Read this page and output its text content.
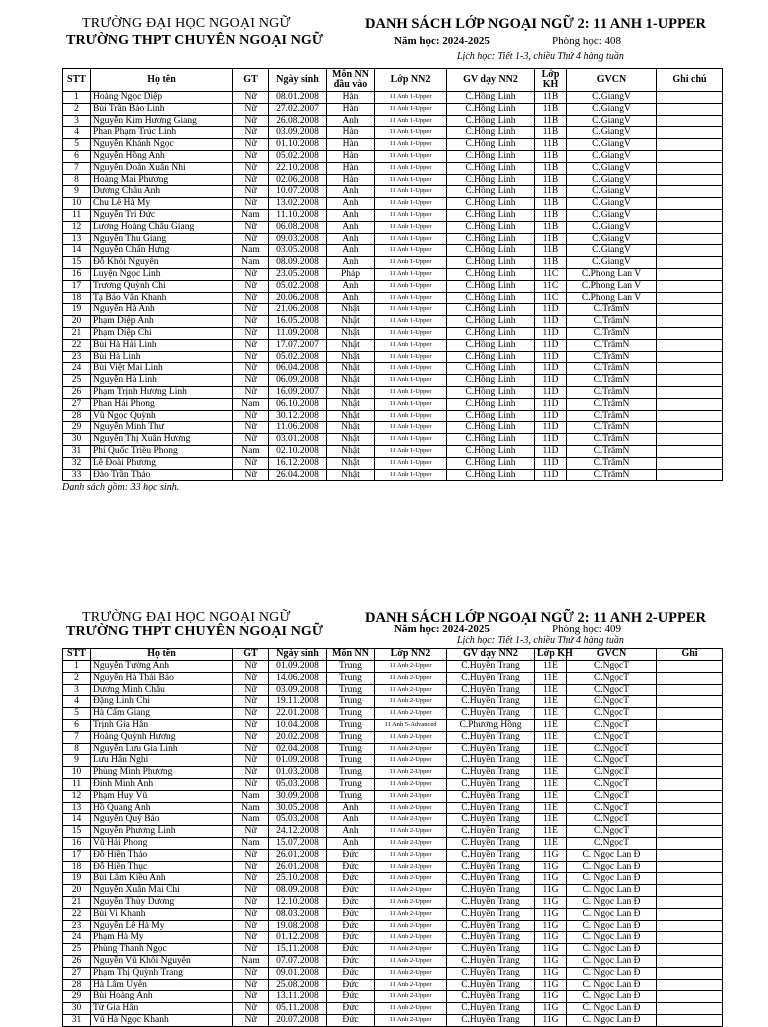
TRƯỜNG ĐẠI HỌC NGOẠI NGỮ
TRƯỜNG THPT CHUYÊN NGOẠI NGỮ
DANH SÁCH LỚP NGOẠI NGỮ 2: 11 ANH 1-UPPER
Năm học: 2024-2025	Phòng học: 408
Lịch học: Tiết 1-3, chiều Thứ 4 hàng tuần
STT	Họ tên	GT	Ngày sinh	Môn NN đầu vào	Lớp NN2	GV dạy NN2	Lớp KH	GVCN	Ghi chú
1	Hoàng Ngọc Diệp	Nữ	08.01.2008	Hàn	11 Anh 1-Upper	C.Hồng Linh	11B	C.GiangV	
2	Bùi Trần Bảo Linh	Nữ	27.02.2007	Hàn	11 Anh 1-Upper	C.Hồng Linh	11B	C.GiangV	
3	Nguyễn Kim Hương Giang	Nữ	26.08.2008	Anh	11 Anh 1-Upper	C.Hồng Linh	11B	C.GiangV	
4	Phan Phạm Trúc Linh	Nữ	03.09.2008	Hàn	11 Anh 1-Upper	C.Hồng Linh	11B	C.GiangV	
5	Nguyễn Khánh Ngọc	Nữ	01.10.2008	Hàn	11 Anh 1-Upper	C.Hồng Linh	11B	C.GiangV	
6	Nguyễn Hồng Anh	Nữ	05.02.2008	Hàn	11 Anh 1-Upper	C.Hồng Linh	11B	C.GiangV	
7	Nguyễn Doãn Xuân Nhi	Nữ	22.10.2008	Hàn	11 Anh 1-Upper	C.Hồng Linh	11B	C.GiangV	
8	Hoàng Mai Phương	Nữ	02.06.2008	Hàn	11 Anh 1-Upper	C.Hồng Linh	11B	C.GiangV	
9	Dương Châu Anh	Nữ	10.07.2008	Anh	11 Anh 1-Upper	C.Hồng Linh	11B	C.GiangV	
10	Chu Lê Hà My	Nữ	13.02.2008	Anh	11 Anh 1-Upper	C.Hồng Linh	11B	C.GiangV	
11	Nguyễn Trí Đức	Nam	11.10.2008	Anh	11 Anh 1-Upper	C.Hồng Linh	11B	C.GiangV	
12	Lương Hoàng Châu Giang	Nữ	06.08.2008	Anh	11 Anh 1-Upper	C.Hồng Linh	11B	C.GiangV	
13	Nguyễn Thu Giang	Nữ	09.03.2008	Anh	11 Anh 1-Upper	C.Hồng Linh	11B	C.GiangV	
14	Nguyễn Chấn Hưng	Nam	03.05.2008	Anh	11 Anh 1-Upper	C.Hồng Linh	11B	C.GiangV	
15	Đỗ Khôi Nguyên	Nam	08.09.2008	Anh	11 Anh 1-Upper	C.Hồng Linh	11B	C.GiangV	
16	Luyện Ngọc Linh	Nữ	23.05.2008	Pháp	11 Anh 1-Upper	C.Hồng Linh	11C	C.Phong Lan V	
17	Trương Quỳnh Chi	Nữ	05.02.2008	Anh	11 Anh 1-Upper	C.Hồng Linh	11C	C.Phong Lan V	
18	Tạ Bảo Vân Khanh	Nữ	20.06.2008	Anh	11 Anh 1-Upper	C.Hồng Linh	11C	C.Phong Lan V	
19	Nguyễn Hà Anh	Nữ	21.06.2008	Nhật	11 Anh 1-Upper	C.Hồng Linh	11D	C.TrâmN	
20	Phạm Diệp Anh	Nữ	16.05.2008	Nhật	11 Anh 1-Upper	C.Hồng Linh	11D	C.TrâmN	
21	Phạm Diệp Chi	Nữ	11.09.2008	Nhật	11 Anh 1-Upper	C.Hồng Linh	11D	C.TrâmN	
22	Bùi Hà Hải Linh	Nữ	17.07.2007	Nhật	11 Anh 1-Upper	C.Hồng Linh	11D	C.TrâmN	
23	Bùi Hà Linh	Nữ	05.02.2008	Nhật	11 Anh 1-Upper	C.Hồng Linh	11D	C.TrâmN	
24	Bùi Việt Mai Linh	Nữ	06.04.2008	Nhật	11 Anh 1-Upper	C.Hồng Linh	11D	C.TrâmN	
25	Nguyễn Hà Linh	Nữ	06.09.2008	Nhật	11 Anh 1-Upper	C.Hồng Linh	11D	C.TrâmN	
26	Phạm Trịnh Hương Linh	Nữ	16.09.2007	Nhật	11 Anh 1-Upper	C.Hồng Linh	11D	C.TrâmN	
27	Phan Hải Phong	Nam	06.10.2008	Nhật	11 Anh 1-Upper	C.Hồng Linh	11D	C.TrâmN	
28	Vũ Ngọc Quỳnh	Nữ	30.12.2008	Nhật	11 Anh 1-Upper	C.Hồng Linh	11D	C.TrâmN	
29	Nguyễn Minh Thư	Nữ	11.06.2008	Nhật	11 Anh 1-Upper	C.Hồng Linh	11D	C.TrâmN	
30	Nguyễn Thị Xuân Hương	Nữ	03.01.2008	Nhật	11 Anh 1-Upper	C.Hồng Linh	11D	C.TrâmN	
31	Phí Quốc Triều Phong	Nam	02.10.2008	Nhật	11 Anh 1-Upper	C.Hồng Linh	11D	C.TrâmN	
32	Lê Đoài Phương	Nữ	16.12.2008	Nhật	11 Anh 1-Upper	C.Hồng Linh	11D	C.TrâmN	
33	Đào Trần Thảo	Nữ	26.04.2008	Nhật	11 Anh 1-Upper	C.Hồng Linh	11D	C.TrâmN	
Danh sách gồm: 33 học sinh.
TRƯỜNG ĐẠI HỌC NGOẠI NGỮ
TRƯỜNG THPT CHUYÊN NGOẠI NGỮ
DANH SÁCH LỚP NGOẠI NGỮ 2: 11 ANH 2-UPPER
Năm học: 2024-2025	Phòng học: 409
Lịch học: Tiết 1-3, chiều Thứ 4 hàng tuần
STT	Họ tên	GT	Ngày sinh	Môn NN	Lớp NN2	GV dạy NN2	Lớp KH	GVCN	Ghi
1	Nguyễn Tường Anh	Nữ	01.09.2008	Trung	11 Anh 2-Upper	C.Huyền Trang	11E	C.NgọcT	
2	Nguyễn Hà Thái Bảo	Nữ	14.06.2008	Trung	11 Anh 2-Upper	C.Huyền Trang	11E	C.NgọcT	
3	Dương Minh Châu	Nữ	03.09.2008	Trung	11 Anh 2-Upper	C.Huyền Trang	11E	C.NgọcT	
4	Đặng Linh Chi	Nữ	19.11.2008	Trung	11 Anh 2-Upper	C.Huyền Trang	11E	C.NgọcT	
5	Hà Cẩm Giang	Nữ	22.01.2008	Trung	11 Anh 2-Upper	C.Huyền Trang	11E	C.NgọcT	
6	Trịnh Gia Hân	Nữ	10.04.2008	Trung	11 Anh 5-Advanced	C.Phương Hồng	11E	C.NgọcT	
7	Hoàng Quỳnh Hương	Nữ	20.02.2008	Trung	11 Anh 2-Upper	C.Huyền Trang	11E	C.NgọcT	
8	Nguyễn Lưu Gia Linh	Nữ	02.04.2008	Trung	11 Anh 2-Upper	C.Huyền Trang	11E	C.NgọcT	
9	Lưu Hân Nghi	Nữ	01.09.2008	Trung	11 Anh 2-Upper	C.Huyền Trang	11E	C.NgọcT	
10	Phùng Minh Phương	Nữ	01.03.2008	Trung	11 Anh 2-Upper	C.Huyền Trang	11E	C.NgọcT	
11	Đinh Minh Anh	Nữ	05.03.2008	Trung	11 Anh 2-Upper	C.Huyền Trang	11E	C.NgọcT	
12	Phạm Huy Vũ	Nam	30.09.2008	Trung	11 Anh 2-Upper	C.Huyền Trang	11E	C.NgọcT	
13	Hồ Quang Anh	Nam	30.05.2008	Anh	11 Anh 2-Upper	C.Huyền Trang	11E	C.NgọcT	
14	Nguyễn Quý Bảo	Nam	05.03.2008	Anh	11 Anh 2-Upper	C.Huyền Trang	11E	C.NgọcT	
15	Nguyễn Phương Linh	Nữ	24.12.2008	Anh	11 Anh 2-Upper	C.Huyền Trang	11E	C.NgọcT	
16	Vũ Hải Phong	Nam	15.07.2008	Anh	11 Anh 2-Upper	C.Huyền Trang	11E	C.NgọcT	
17	Đỗ Hiền Thảo	Nữ	26.01.2008	Đức	11 Anh 2-Upper	C.Huyền Trang	11G	C. Ngọc Lan Đ	
18	Đỗ Hiền Thục	Nữ	26.01.2008	Đức	11 Anh 2-Upper	C.Huyền Trang	11G	C. Ngọc Lan Đ	
19	Bùi Lâm Kiều Anh	Nữ	25.10.2008	Đức	11 Anh 2-Upper	C.Huyền Trang	11G	C. Ngọc Lan Đ	
20	Nguyễn Xuân Mai Chi	Nữ	08.09.2008	Đức	11 Anh 2-Upper	C.Huyền Trang	11G	C. Ngọc Lan Đ	
21	Nguyễn Thùy Dương	Nữ	12.10.2008	Đức	11 Anh 2-Upper	C.Huyền Trang	11G	C. Ngọc Lan Đ	
22	Bùi Vi Khanh	Nữ	08.03.2008	Đức	11 Anh 2-Upper	C.Huyền Trang	11G	C. Ngọc Lan Đ	
23	Nguyễn Lê Hà My	Nữ	19.08.2008	Đức	11 Anh 2-Upper	C.Huyền Trang	11G	C. Ngọc Lan Đ	
24	Phạm Hà My	Nữ	01.12.2008	Đức	11 Anh 2-Upper	C.Huyền Trang	11G	C. Ngọc Lan Đ	
25	Phùng Thanh Ngọc	Nữ	15.11.2008	Đức	11 Anh 2-Upper	C.Huyền Trang	11G	C. Ngọc Lan Đ	
26	Nguyễn Vũ Khôi Nguyên	Nam	07.07.2008	Đức	11 Anh 2-Upper	C.Huyền Trang	11G	C. Ngọc Lan Đ	
27	Phạm Thị Quỳnh Trang	Nữ	09.01.2008	Đức	11 Anh 2-Upper	C.Huyền Trang	11G	C. Ngọc Lan Đ	
28	Hà Lâm Uyên	Nữ	25.08.2008	Đức	11 Anh 2-Upper	C.Huyền Trang	11G	C. Ngọc Lan Đ	
29	Bùi Hoàng Anh	Nữ	13.11.2008	Đức	11 Anh 2-Upper	C.Huyền Trang	11G	C. Ngọc Lan Đ	
30	Từ Gia Hân	Nữ	05.11.2008	Đức	11 Anh 2-Upper	C.Huyền Trang	11G	C. Ngọc Lan Đ	
31	Vũ Hà Ngọc Khanh	Nữ	20.07.2008	Đức	11 Anh 2-Upper	C.Huyền Trang	11G	C. Ngọc Lan Đ	
